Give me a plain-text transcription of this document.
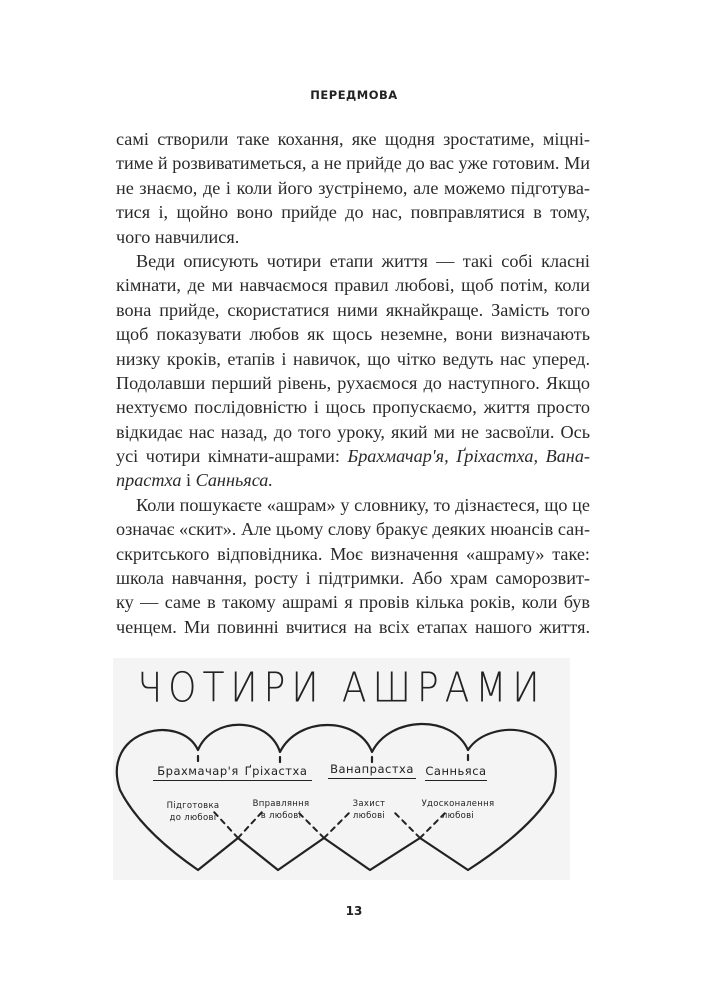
ПЕРЕДМОВА
самі створили таке кохання, яке щодня зростатиме, міцні-
тиме й розвиватиметься, а не прийде до вас уже готовим. Ми
не знаємо, де і коли його зустрінемо, але можемо підготува-
тися і, щойно воно прийде до нас, повправлятися в тому,
чого навчилися.
Веди описують чотири етапи життя — такі собі класні
кімнати, де ми навчаємося правил любові, щоб потім, коли
вона прийде, скористатися ними якнайкраще. Замість того
щоб показувати любов як щось неземне, вони визначають
низку кроків, етапів і навичок, що чітко ведуть нас уперед.
Подолавши перший рівень, рухаємося до наступного. Якщо
нехтуємо послідовністю і щось пропускаємо, життя просто
відкидає нас назад, до того уроку, який ми не засвоїли. Ось
усі чотири кімнати-ашрами: Брахмачар'я, Ґріхастха, Вана-
прастха і Санньяса.
Коли пошукаєте «ашрам» у словнику, то дізнаєтеся, що це
означає «скит». Але цьому слову бракує деяких нюансів сан-
скритського відповідника. Моє визначення «ашраму» таке:
школа навчання, росту і підтримки. Або храм саморозвит-
ку — саме в такому ашрамі я провів кілька років, коли був
ченцем. Ми повинні вчитися на всіх етапах нашого життя.
ЧОТИРИ АШРАМИ
Брахмачар'я Ґріхастха	Ванапрастха Санньяса
Підготовка
до любові
Вправляння
в любові
Захист
любові
Удосконалення
любові
13
